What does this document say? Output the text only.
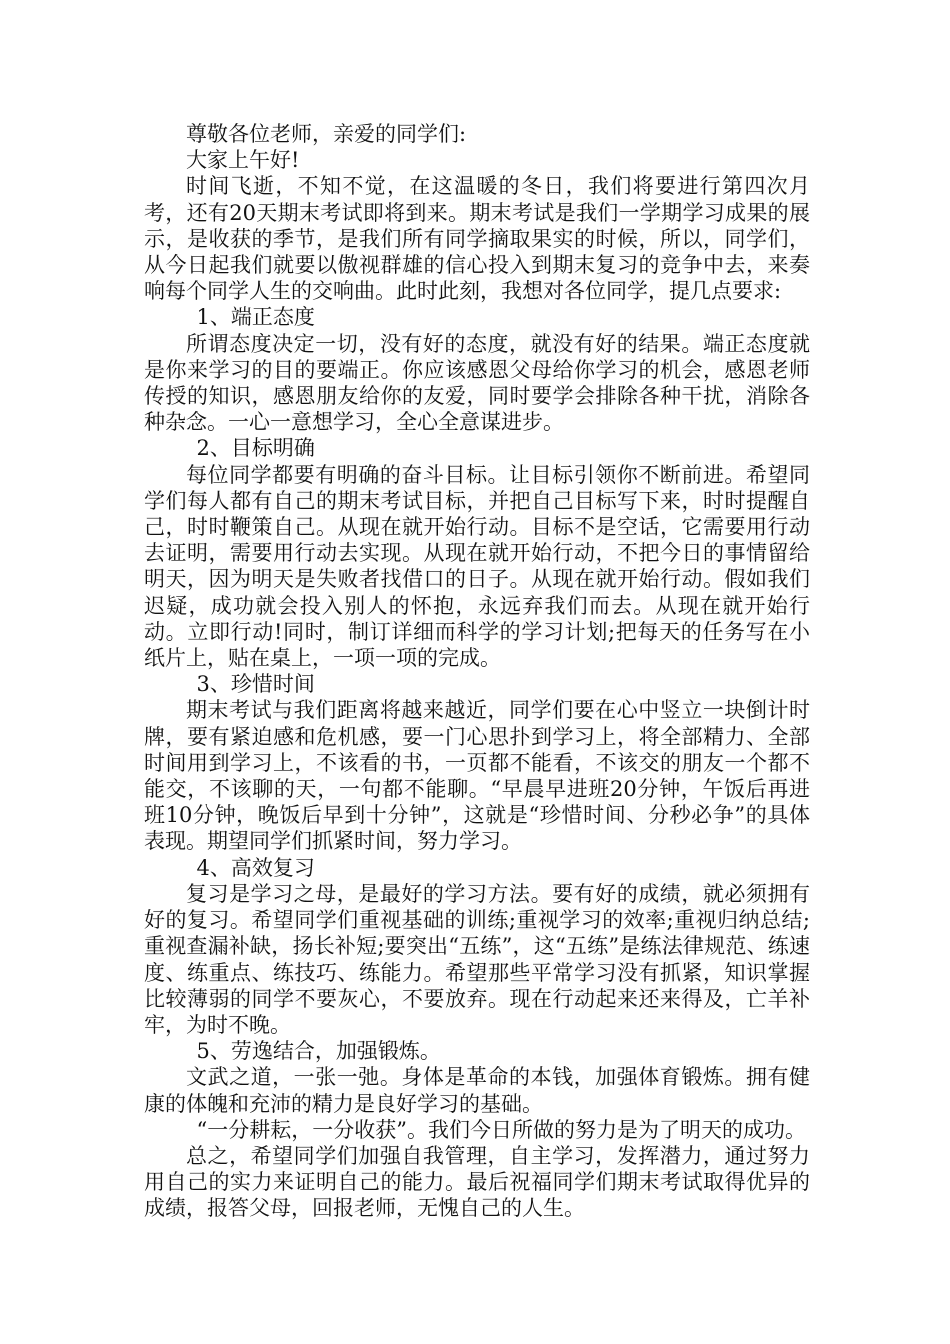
尊敬各位老师，亲爱的同学们:

大家上午好!

时间飞逝，不知不觉，在这温暖的冬日，我们将要进行第四次月考，还有20天期末考试即将到来。期末考试是我们一学期学习成果的展示，是收获的季节，是我们所有同学摘取果实的时候，所以，同学们，从今日起我们就要以傲视群雄的信心投入到期末复习的竞争中去，来奏响每个同学人生的交响曲。此时此刻，我想对各位同学，提几点要求:

1、端正态度

所谓态度决定一切，没有好的态度，就没有好的结果。端正态度就是你来学习的目的要端正。你应该感恩父母给你学习的机会，感恩老师传授的知识，感恩朋友给你的友爱，同时要学会排除各种干扰，消除各种杂念。一心一意想学习，全心全意谋进步。

2、目标明确

每位同学都要有明确的奋斗目标。让目标引领你不断前进。希望同学们每人都有自己的期末考试目标，并把自己目标写下来，时时提醒自己，时时鞭策自己。从现在就开始行动。目标不是空话，它需要用行动去证明，需要用行动去实现。从现在就开始行动，不把今日的事情留给明天，因为明天是失败者找借口的日子。从现在就开始行动。假如我们迟疑，成功就会投入别人的怀抱，永远弃我们而去。从现在就开始行动。立即行动!同时，制订详细而科学的学习计划;把每天的任务写在小纸片上，贴在桌上，一项一项的完成。

3、珍惜时间

期末考试与我们距离将越来越近，同学们要在心中竖立一块倒计时牌，要有紧迫感和危机感，要一门心思扑到学习上，将全部精力、全部时间用到学习上，不该看的书，一页都不能看，不该交的朋友一个都不能交，不该聊的天，一句都不能聊。“早晨早进班20分钟，午饭后再进班10分钟，晚饭后早到十分钟”，这就是“珍惜时间、分秒必争”的具体表现。期望同学们抓紧时间，努力学习。

4、高效复习

复习是学习之母，是最好的学习方法。要有好的成绩，就必须拥有好的复习。希望同学们重视基础的训练;重视学习的效率;重视归纳总结;重视查漏补缺，扬长补短;要突出“五练”，这“五练”是练法律规范、练速度、练重点、练技巧、练能力。希望那些平常学习没有抓紧，知识掌握比较薄弱的同学不要灰心，不要放弃。现在行动起来还来得及，亡羊补牢，为时不晚。

5、劳逸结合，加强锻炼。

文武之道，一张一弛。身体是革命的本钱，加强体育锻炼。拥有健康的体魄和充沛的精力是良好学习的基础。

“一分耕耘，一分收获”。我们今日所做的努力是为了明天的成功。

总之，希望同学们加强自我管理，自主学习，发挥潜力，通过努力用自己的实力来证明自己的能力。最后祝福同学们期末考试取得优异的成绩，报答父母，回报老师，无愧自己的人生。
